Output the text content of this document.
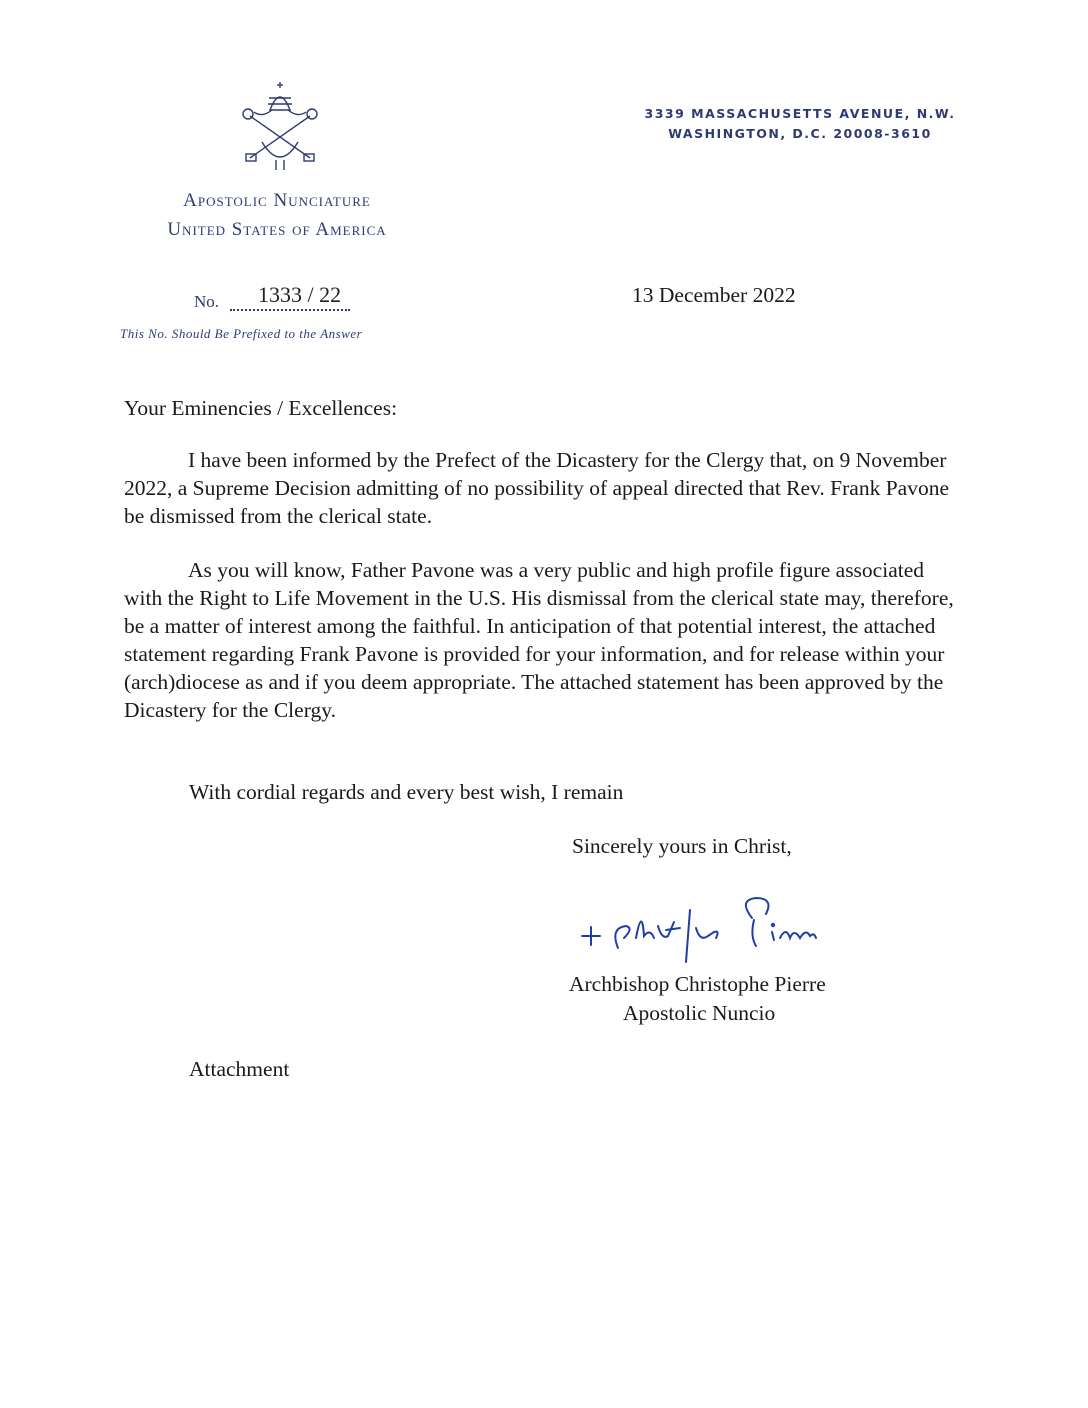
Apostolic Nunciature
United States of America
3339 MASSACHUSETTS AVENUE, N.W.
WASHINGTON, D.C. 20008-3610
No. 1333 / 22
This No. Should Be Prefixed to the Answer
13 December 2022
Your Eminencies / Excellences:
I have been informed by the Prefect of the Dicastery for the Clergy that, on 9 November 2022, a Supreme Decision admitting of no possibility of appeal directed that Rev. Frank Pavone be dismissed from the clerical state.
As you will know, Father Pavone was a very public and high profile figure associated with the Right to Life Movement in the U.S. His dismissal from the clerical state may, therefore, be a matter of interest among the faithful. In anticipation of that potential interest, the attached statement regarding Frank Pavone is provided for your information, and for release within your (arch)diocese as and if you deem appropriate. The attached statement has been approved by the Dicastery for the Clergy.
With cordial regards and every best wish, I remain
Sincerely yours in Christ,
Archbishop Christophe Pierre
Apostolic Nuncio
Attachment
